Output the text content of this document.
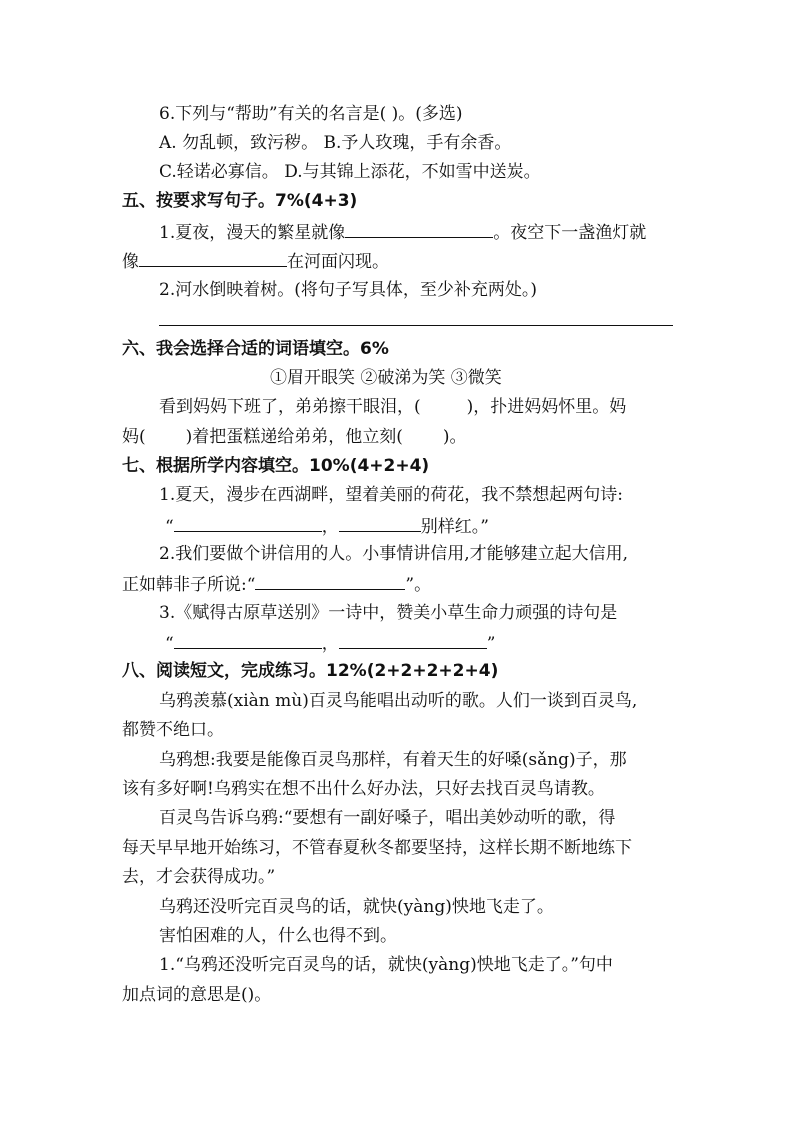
6.下列与“帮助”有关的名言是( )。(多选)
A. 勿乱顿，致污秽。 B.予人玫瑰，手有余香。
C.轻诺必寡信。 D.与其锦上添花，不如雪中送炭。
五、按要求写句子。7%(4+3)
1.夏夜，漫天的繁星就像	。夜空下一盏渔灯就
像	在河面闪现。
2.河水倒映着树。(将句子写具体，至少补充两处。)
六、我会选择合适的词语填空。6%
①眉开眼笑 ②破涕为笑 ③微笑
看到妈妈下班了，弟弟擦干眼泪，(	)，扑进妈妈怀里。妈
妈( )着把蛋糕递给弟弟，他立刻( )。
七、根据所学内容填空。10%(4+2+4)
1.夏天，漫步在西湖畔，望着美丽的荷花，我不禁想起两句诗:
“	，	别样红。”
2.我们要做个讲信用的人。小事情讲信用,才能够建立起大信用,
正如韩非子所说:“	”。
3.《赋得古原草送别》一诗中，赞美小草生命力顽强的诗句是
“	，	”
八、阅读短文，完成练习。12%(2+2+2+2+4)
乌鸦羡慕(xiàn mù)百灵鸟能唱出动听的歌。人们一谈到百灵鸟,
都赞不绝口。
乌鸦想:我要是能像百灵鸟那样，有着天生的好嗓(sǎng)子，那
该有多好啊!乌鸦实在想不出什么好办法，只好去找百灵鸟请教。
百灵鸟告诉乌鸦:“要想有一副好嗓子，唱出美妙动听的歌，得
每天早早地开始练习，不管春夏秋冬都要坚持，这样长期不断地练下
去，才会获得成功。”
乌鸦还没听完百灵鸟的话，就快(yàng)怏地飞走了。
害怕困难的人，什么也得不到。
1.“乌鸦还没听完百灵鸟的话，就快(yàng)怏地飞走了。”句中
加点词的意思是()。
